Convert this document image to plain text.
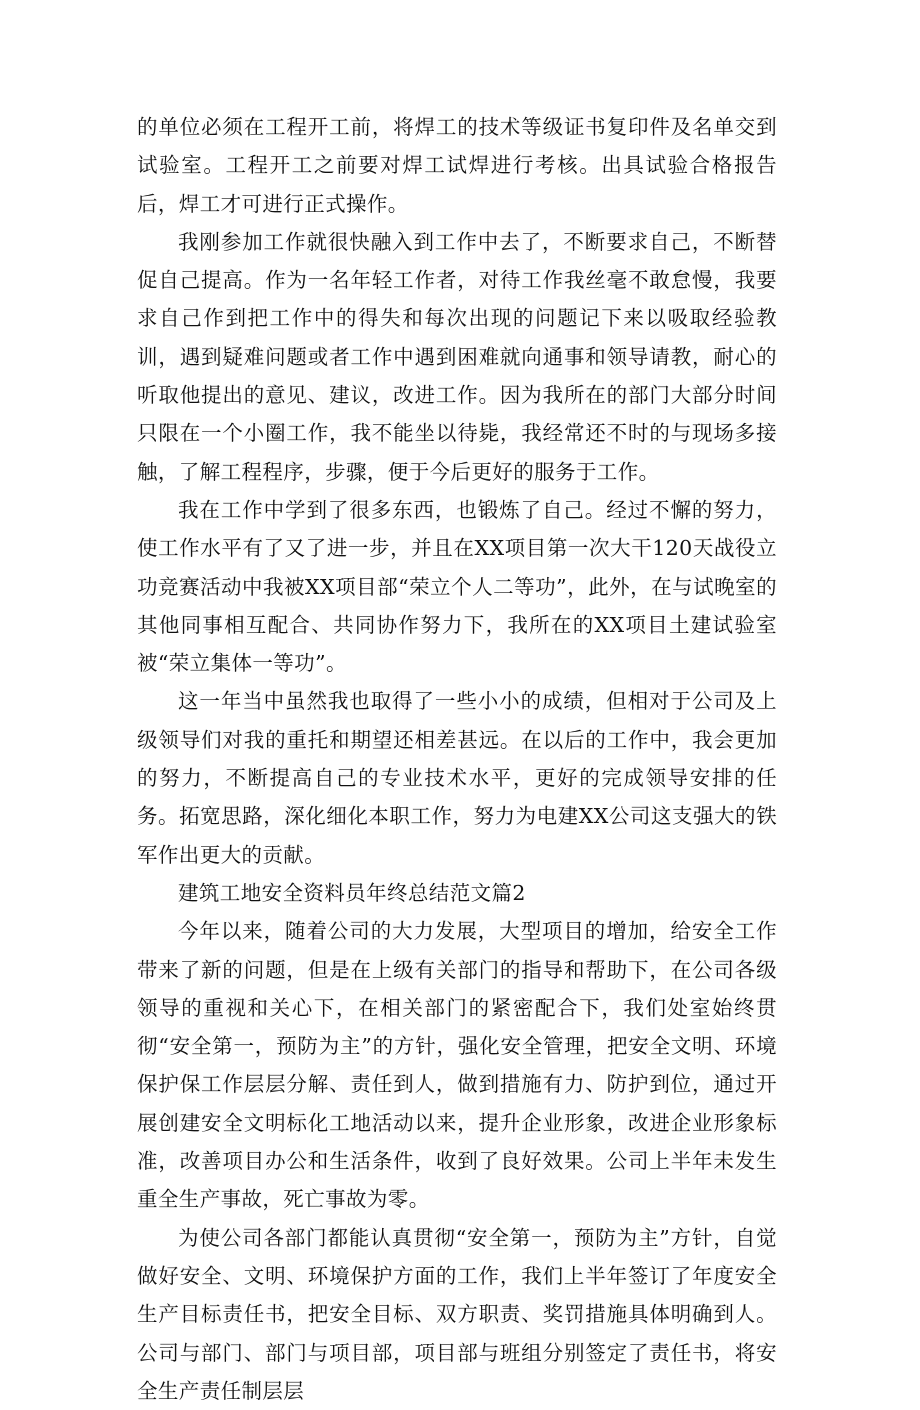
的单位必须在工程开工前，将焊工的技术等级证书复印件及名单交到试验室。工程开工之前要对焊工试焊进行考核。出具试验合格报告后，焊工才可进行正式操作。

我刚参加工作就很快融入到工作中去了，不断要求自己，不断替促自己提高。作为一名年轻工作者，对待工作我丝毫不敢怠慢，我要求自己作到把工作中的得失和每次出现的问题记下来以吸取经验教训，遇到疑难问题或者工作中遇到困难就向通事和领导请教，耐心的听取他提出的意见、建议，改进工作。因为我所在的部门大部分时间只限在一个小圈工作，我不能坐以待毙，我经常还不时的与现场多接触，了解工程程序，步骤，便于今后更好的服务于工作。

我在工作中学到了很多东西，也锻炼了自己。经过不懈的努力，使工作水平有了又了进一步，并且在XX项目第一次大干120天战役立功竞赛活动中我被XX项目部“荣立个人二等功”，此外，在与试晚室的其他同事相互配合、共同协作努力下，我所在的XX项目土建试验室被“荣立集体一等功”。

这一年当中虽然我也取得了一些小小的成绩，但相对于公司及上级领导们对我的重托和期望还相差甚远。在以后的工作中，我会更加的努力，不断提高自己的专业技术水平，更好的完成领导安排的任务。拓宽思路，深化细化本职工作，努力为电建XX公司这支强大的铁军作出更大的贡献。

建筑工地安全资料员年终总结范文篇2

今年以来，随着公司的大力发展，大型项目的增加，给安全工作带来了新的问题，但是在上级有关部门的指导和帮助下，在公司各级领导的重视和关心下，在相关部门的紧密配合下，我们处室始终贯彻“安全第一，预防为主”的方针，强化安全管理，把安全文明、环境保护保工作层层分解、责任到人，做到措施有力、防护到位，通过开展创建安全文明标化工地活动以来，提升企业形象，改进企业形象标准，改善项目办公和生活条件，收到了良好效果。公司上半年未发生重全生产事故，死亡事故为零。

为使公司各部门都能认真贯彻“安全第一，预防为主”方针，自觉做好安全、文明、环境保护方面的工作，我们上半年签订了年度安全生产目标责任书，把安全目标、双方职责、奖罚措施具体明确到人。公司与部门、部门与项目部，项目部与班组分别签定了责任书，将安全生产责任制层层
